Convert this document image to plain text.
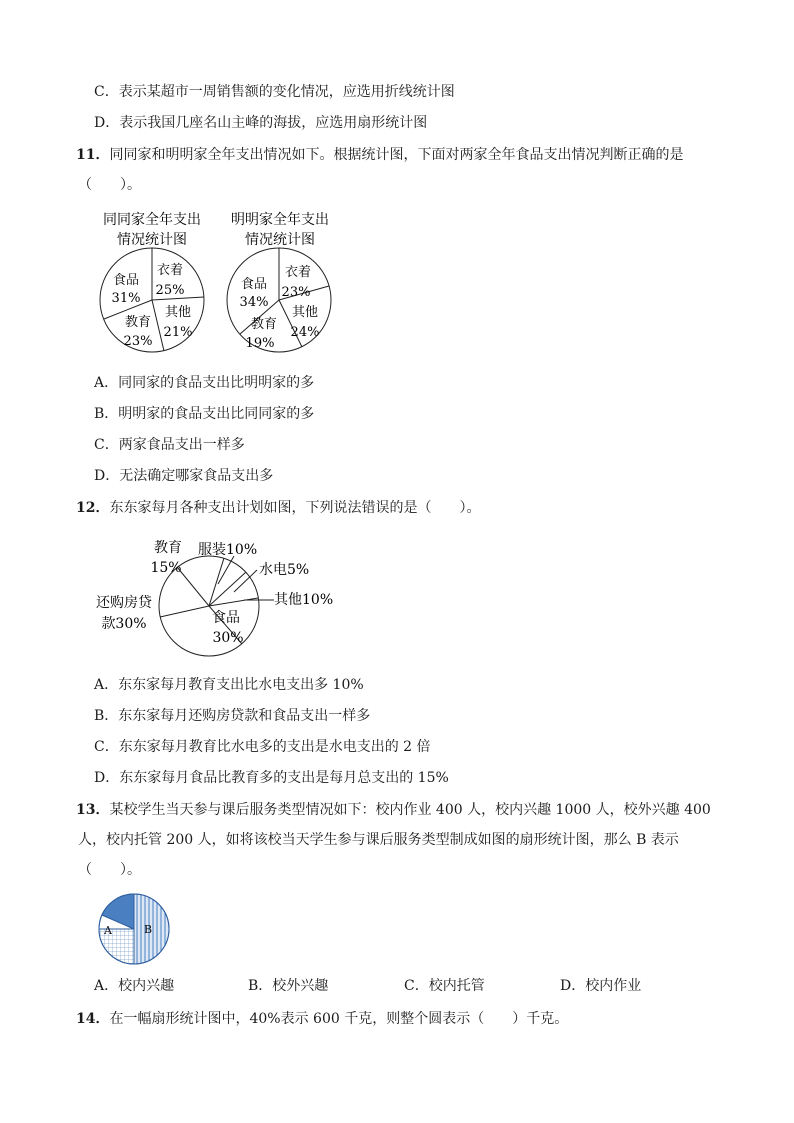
C．表示某超市一周销售额的变化情况，应选用折线统计图
D．表示我国几座名山主峰的海拔，应选用扇形统计图
11．同同家和明明家全年支出情况如下。根据统计图，下面对两家全年食品支出情况判断正确的是
（　　）。
同同家全年支出
情况统计图
明明家全年支出
情况统计图
食品
31%
衣着
25%
其他
21%
教育
23%
食品
34%
衣着
23%
其他
24%
教育
19%
A．同同家的食品支出比明明家的多
B．明明家的食品支出比同同家的多
C．两家食品支出一样多
D．无法确定哪家食品支出多
12．东东家每月各种支出计划如图，下列说法错误的是（　　）。
教育
15%
服装10%
水电5%
其他10%
食品
30%
还购房贷
款30%
A．东东家每月教育支出比水电支出多 10%
B．东东家每月还购房贷款和食品支出一样多
C．东东家每月教育比水电多的支出是水电支出的 2 倍
D．东东家每月食品比教育多的支出是每月总支出的 15%
13．某校学生当天参与课后服务类型情况如下：校内作业 400 人，校内兴趣 1000 人，校外兴趣 400
人，校内托管 200 人，如将该校当天学生参与课后服务类型制成如图的扇形统计图，那么 B 表示
（　　）。
A	B
A．校内兴趣	B．校外兴趣	C．校内托管	D．校内作业
14．在一幅扇形统计图中，40%表示 600 千克，则整个圆表示（　　）千克。
